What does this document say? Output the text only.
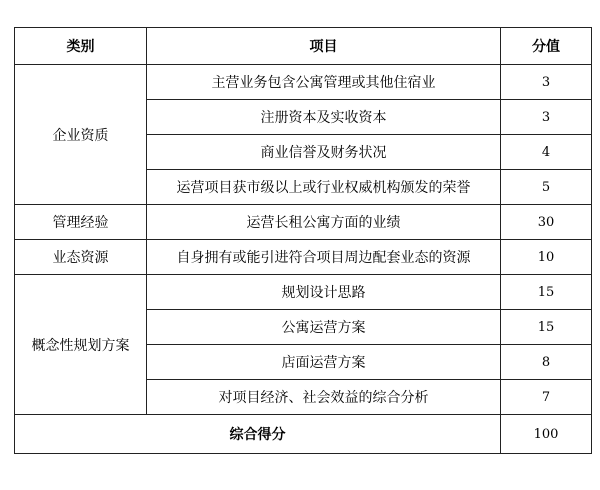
类别	项目	分值
企业资质	主营业务包含公寓管理或其他住宿业	3
	注册资本及实收资本	3
	商业信誉及财务状况	4
	运营项目获市级以上或行业权威机构颁发的荣誉	5
管理经验	运营长租公寓方面的业绩	30
业态资源	自身拥有或能引进符合项目周边配套业态的资源	10
概念性规划方案	规划设计思路	15
	公寓运营方案	15
	店面运营方案	8
	对项目经济、社会效益的综合分析	7
综合得分		100
